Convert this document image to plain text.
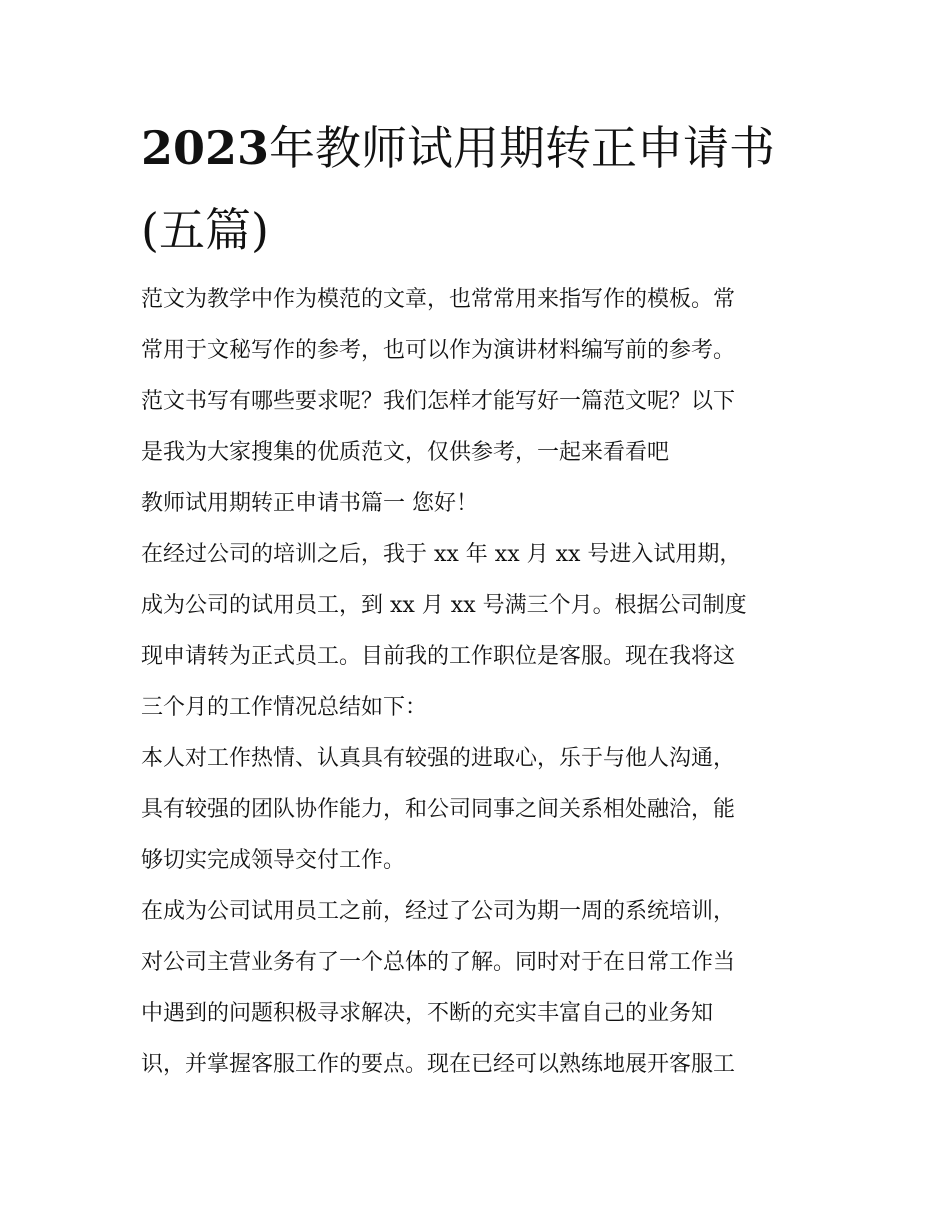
2023年教师试用期转正申请书
(五篇)
范文为教学中作为模范的文章，也常常用来指写作的模板。常
常用于文秘写作的参考，也可以作为演讲材料编写前的参考。
范文书写有哪些要求呢？我们怎样才能写好一篇范文呢？以下
是我为大家搜集的优质范文，仅供参考，一起来看看吧
教师试用期转正申请书篇一 您好！
在经过公司的培训之后，我于 xx 年 xx 月 xx 号进入试用期，
成为公司的试用员工，到 xx 月 xx 号满三个月。根据公司制度
现申请转为正式员工。目前我的工作职位是客服。现在我将这
三个月的工作情况总结如下：
本人对工作热情、认真具有较强的进取心，乐于与他人沟通，
具有较强的团队协作能力，和公司同事之间关系相处融洽，能
够切实完成领导交付工作。
在成为公司试用员工之前，经过了公司为期一周的系统培训，
对公司主营业务有了一个总体的了解。同时对于在日常工作当
中遇到的问题积极寻求解决，不断的充实丰富自己的业务知
识，并掌握客服工作的要点。现在已经可以熟练地展开客服工
